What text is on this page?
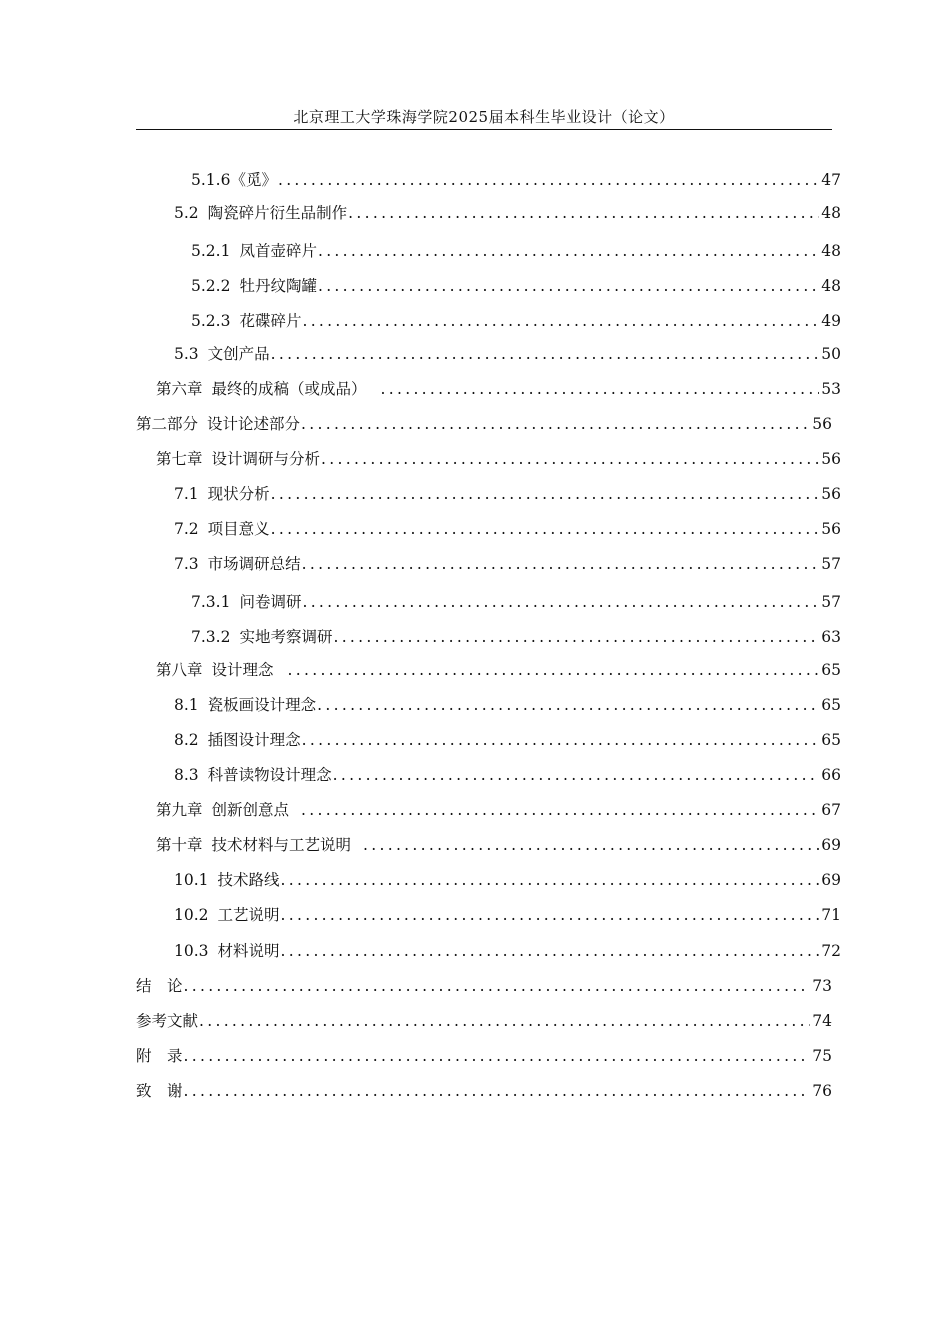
北京理工大学珠海学院2025届本科生毕业设计（论文）
5.1.6 《觅》 .....	47
5.2 陶瓷碎片衍生品制作 .....	48
5.2.1 凤首壶碎片 .....	48
5.2.2 牡丹纹陶罐 .....	48
5.2.3 花碟碎片 .....	49
5.3 文创产品 .....	50
第六章 最终的成稿（或成品） .....	53
第二部分 设计论述部分 .....	56
第七章 设计调研与分析 .....	56
7.1 现状分析 .....	56
7.2 项目意义 .....	56
7.3 市场调研总结 .....	57
7.3.1 问卷调研 .....	57
7.3.2 实地考察调研 .....	63
第八章 设计理念 .....	65
8.1 瓷板画设计理念 .....	65
8.2 插图设计理念 .....	65
8.3 科普读物设计理念 .....	66
第九章 创新创意点 .....	67
第十章 技术材料与工艺说明 .....	69
10.1 技术路线 .....	69
10.2 工艺说明 .....	71
10.3 材料说明 .....	72
结　论 .....	73
参考文献 .....	74
附　录 .....	75
致　谢 .....	76
